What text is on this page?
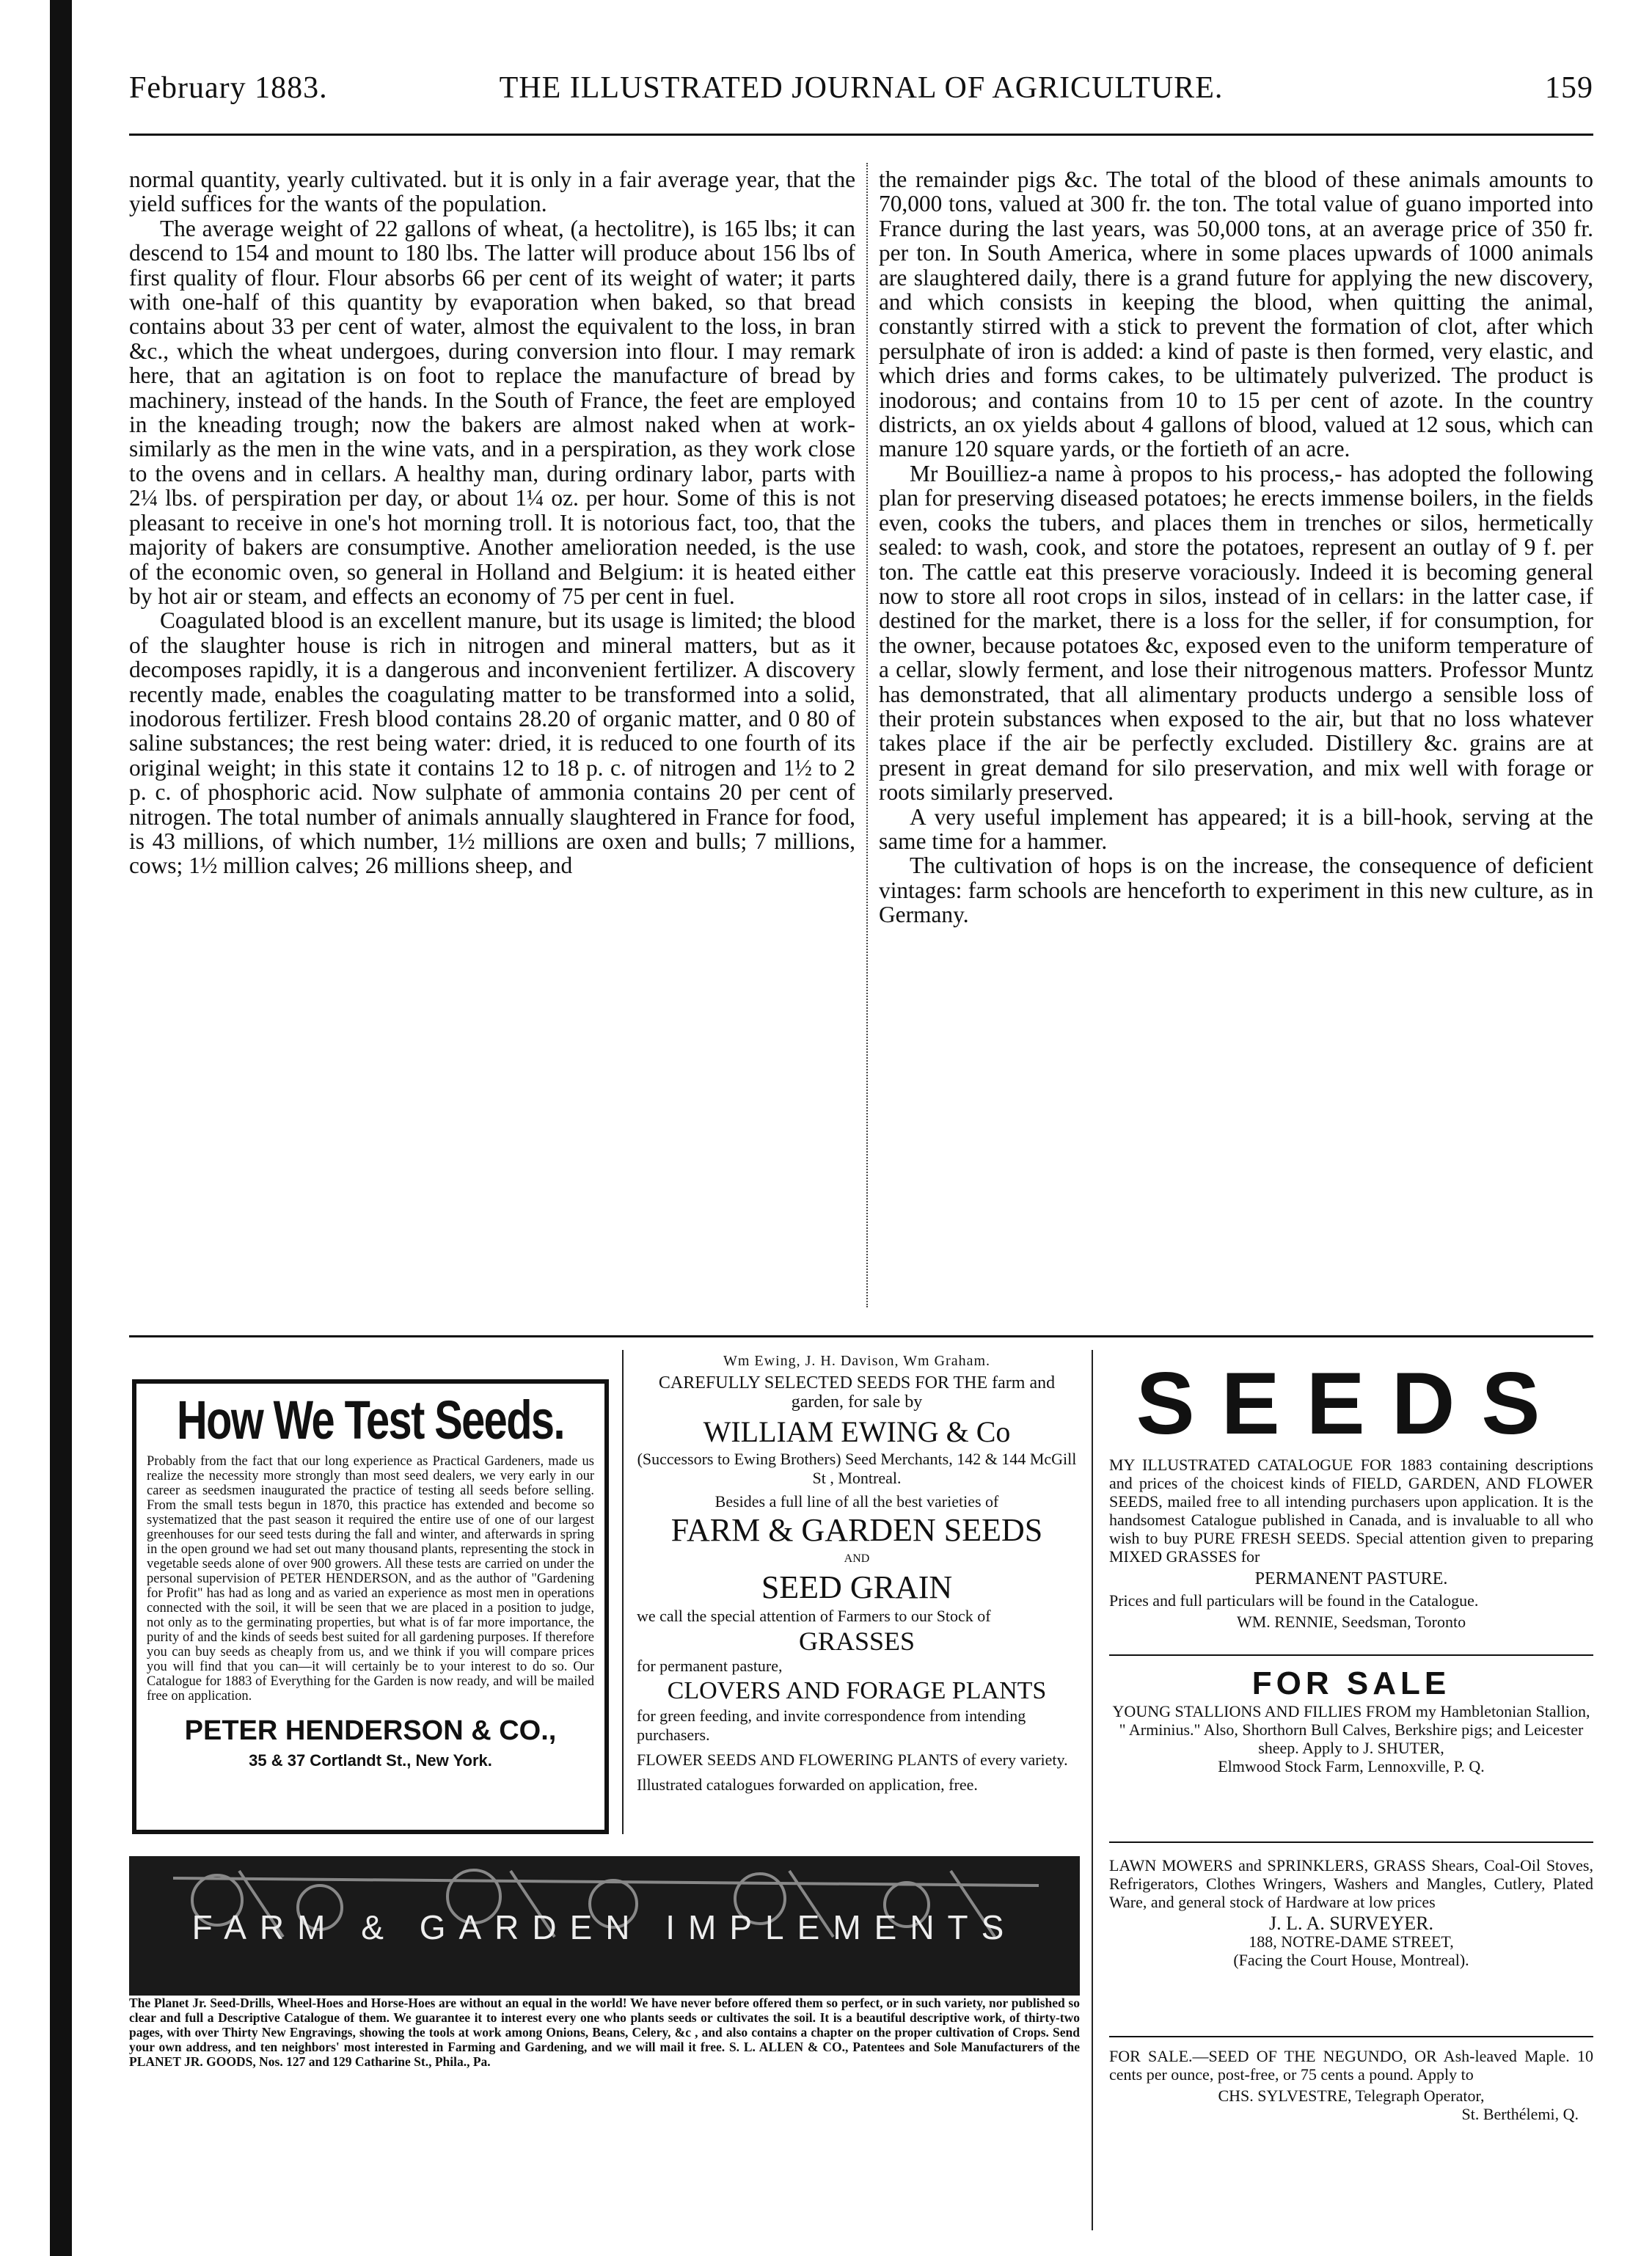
February 1883.	THE ILLUSTRATED JOURNAL OF AGRICULTURE.	159

normal quantity, yearly cultivated. but it is only in a fair average year, that the yield suffices for the wants of the population.

The average weight of 22 gallons of wheat, (a hectolitre), is 165 lbs; it can descend to 154 and mount to 180 lbs. The latter will produce about 156 lbs of first quality of flour. Flour absorbs 66 per cent of its weight of water; it parts with one-half of this quantity by evaporation when baked, so that bread contains about 33 per cent of water, almost the equivalent to the loss, in bran &c., which the wheat undergoes, during conversion into flour. I may remark here, that an agitation is on foot to replace the manufacture of bread by machinery, instead of the hands. In the South of France, the feet are employed in the kneading trough; now the bakers are almost naked when at work- similarly as the men in the wine vats, and in a perspiration, as they work close to the ovens and in cellars. A healthy man, during ordinary labor, parts with 2¼ lbs. of perspiration per day, or about 1¼ oz. per hour. Some of this is not pleasant to receive in one's hot morning troll. It is notorious fact, too, that the majority of bakers are consumptive. Another amelioration needed, is the use of the economic oven, so general in Holland and Belgium: it is heated either by hot air or steam, and effects an economy of 75 per cent in fuel.

Coagulated blood is an excellent manure, but its usage is limited; the blood of the slaughter house is rich in nitrogen and mineral matters, but as it decomposes rapidly, it is a dangerous and inconvenient fertilizer. A discovery recently made, enables the coagulating matter to be transformed into a solid, inodorous fertilizer. Fresh blood contains 28.20 of organic matter, and 0 80 of saline substances; the rest being water: dried, it is reduced to one fourth of its original weight; in this state it contains 12 to 18 p. c. of nitrogen and 1½ to 2 p. c. of phosphoric acid. Now sulphate of ammonia contains 20 per cent of nitrogen. The total number of animals annually slaughtered in France for food, is 43 millions, of which number, 1½ millions are oxen and bulls; 7 millions, cows; 1½ million calves; 26 millions sheep, and

the remainder pigs &c. The total of the blood of these animals amounts to 70,000 tons, valued at 300 fr. the ton. The total value of guano imported into France during the last years, was 50,000 tons, at an average price of 350 fr. per ton. In South America, where in some places upwards of 1000 animals are slaughtered daily, there is a grand future for applying the new discovery, and which consists in keeping the blood, when quitting the animal, constantly stirred with a stick to prevent the formation of clot, after which persulphate of iron is added: a kind of paste is then formed, very elastic, and which dries and forms cakes, to be ultimately pulverized. The product is inodorous; and contains from 10 to 15 per cent of azote. In the country districts, an ox yields about 4 gallons of blood, valued at 12 sous, which can manure 120 square yards, or the fortieth of an acre.

Mr Bouilliez-a name à propos to his process,- has adopted the following plan for preserving diseased potatoes; he erects immense boilers, in the fields even, cooks the tubers, and places them in trenches or silos, hermetically sealed: to wash, cook, and store the potatoes, represent an outlay of 9 f. per ton. The cattle eat this preserve voraciously. Indeed it is becoming general now to store all root crops in silos, instead of in cellars: in the latter case, if destined for the market, there is a loss for the seller, if for consumption, for the owner, because potatoes &c, exposed even to the uniform temperature of a cellar, slowly ferment, and lose their nitrogenous matters. Professor Muntz has demonstrated, that all alimentary products undergo a sensible loss of their protein substances when exposed to the air, but that no loss whatever takes place if the air be perfectly excluded. Distillery &c. grains are at present in great demand for silo preservation, and mix well with forage or roots similarly preserved.

A very useful implement has appeared; it is a bill-hook, serving at the same time for a hammer.

The cultivation of hops is on the increase, the consequence of deficient vintages: farm schools are henceforth to experiment in this new culture, as in Germany.

How We Test Seeds.
Probably from the fact that our long experience as Practical Gardeners, made us realize the necessity more strongly than most seed dealers, we very early in our career as seedsmen inaugurated the practice of testing all seeds before selling. From the small tests begun in 1870, this practice has extended and become so systematized that the past season it required the entire use of one of our largest greenhouses for our seed tests during the fall and winter, and afterwards in spring in the open ground we had set out many thousand plants, representing the stock in vegetable seeds alone of over 900 growers. All these tests are carried on under the personal supervision of PETER HENDERSON, and as the author of "Gardening for Profit" has had as long and as varied an experience as most men in operations connected with the soil, it will be seen that we are placed in a position to judge, not only as to the germinating properties, but what is of far more importance, the purity of and the kinds of seeds best suited for all gardening purposes. If therefore you can buy seeds as cheaply from us, and we think if you will compare prices you will find that you can—it will certainly be to your interest to do so. Our Catalogue for 1883 of Everything for the Garden is now ready, and will be mailed free on application.
PETER HENDERSON & CO.,
35 & 37 Cortlandt St., New York.
Wm Ewing, J. H. Davison, Wm Graham.
CAREFULLY SELECTED SEEDS FOR THE farm and garden, for sale by
WILLIAM EWING & Co
(Successors to Ewing Brothers) Seed Merchants, 142 & 144 McGill St , Montreal.
Besides a full line of all the best varieties of
FARM & GARDEN SEEDS
AND
SEED GRAIN
we call the special attention of Farmers to our Stock of
GRASSES
for permanent pasture,
CLOVERS AND FORAGE PLANTS
for green feeding, and invite correspondence from intending purchasers.
FLOWER SEEDS AND FLOWERING PLANTS of every variety.
Illustrated catalogues forwarded on application, free.
SEEDS
MY ILLUSTRATED CATALOGUE FOR 1883 containing descriptions and prices of the choicest kinds of FIELD, GARDEN, AND FLOWER SEEDS, mailed free to all intending purchasers upon application. It is the handsomest Catalogue published in Canada, and is invaluable to all who wish to buy PURE FRESH SEEDS. Special attention given to preparing MIXED GRASSES for
PERMANENT PASTURE.
Prices and full particulars will be found in the Catalogue.
WM. RENNIE, Seedsman, Toronto
FOR SALE
YOUNG STALLIONS AND FILLIES FROM my Hambletonian Stallion, " Arminius." Also, Shorthorn Bull Calves, Berkshire pigs; and Leicester sheep. Apply to J. SHUTER,
Elmwood Stock Farm, Lennoxville, P. Q.
LAWN MOWERS and SPRINKLERS, GRASS Shears, Coal-Oil Stoves, Refrigerators, Clothes Wringers, Washers and Mangles, Cutlery, Plated Ware, and general stock of Hardware at low prices
J. L. A. SURVEYER.
188, NOTRE-DAME STREET,
(Facing the Court House, Montreal).
FOR SALE.—SEED OF THE NEGUNDO, OR Ash-leaved Maple. 10 cents per ounce, post-free, or 75 cents a pound. Apply to
CHS. SYLVESTRE, Telegraph Operator,
St. Berthélemi, Q.
FARM & GARDEN IMPLEMENTS
The Planet Jr. Seed-Drills, Wheel-Hoes and Horse-Hoes are without an equal in the world! We have never before offered them so perfect, or in such variety, nor published so clear and full a Descriptive Catalogue of them. We guarantee it to interest every one who plants seeds or cultivates the soil. It is a beautiful descriptive work, of thirty-two pages, with over Thirty New Engravings, showing the tools at work among Onions, Beans, Celery, &c , and also contains a chapter on the proper cultivation of Crops. Send your own address, and ten neighbors' most interested in Farming and Gardening, and we will mail it free. S. L. ALLEN & CO., Patentees and Sole Manufacturers of the PLANET JR. GOODS, Nos. 127 and 129 Catharine St., Phila., Pa.
